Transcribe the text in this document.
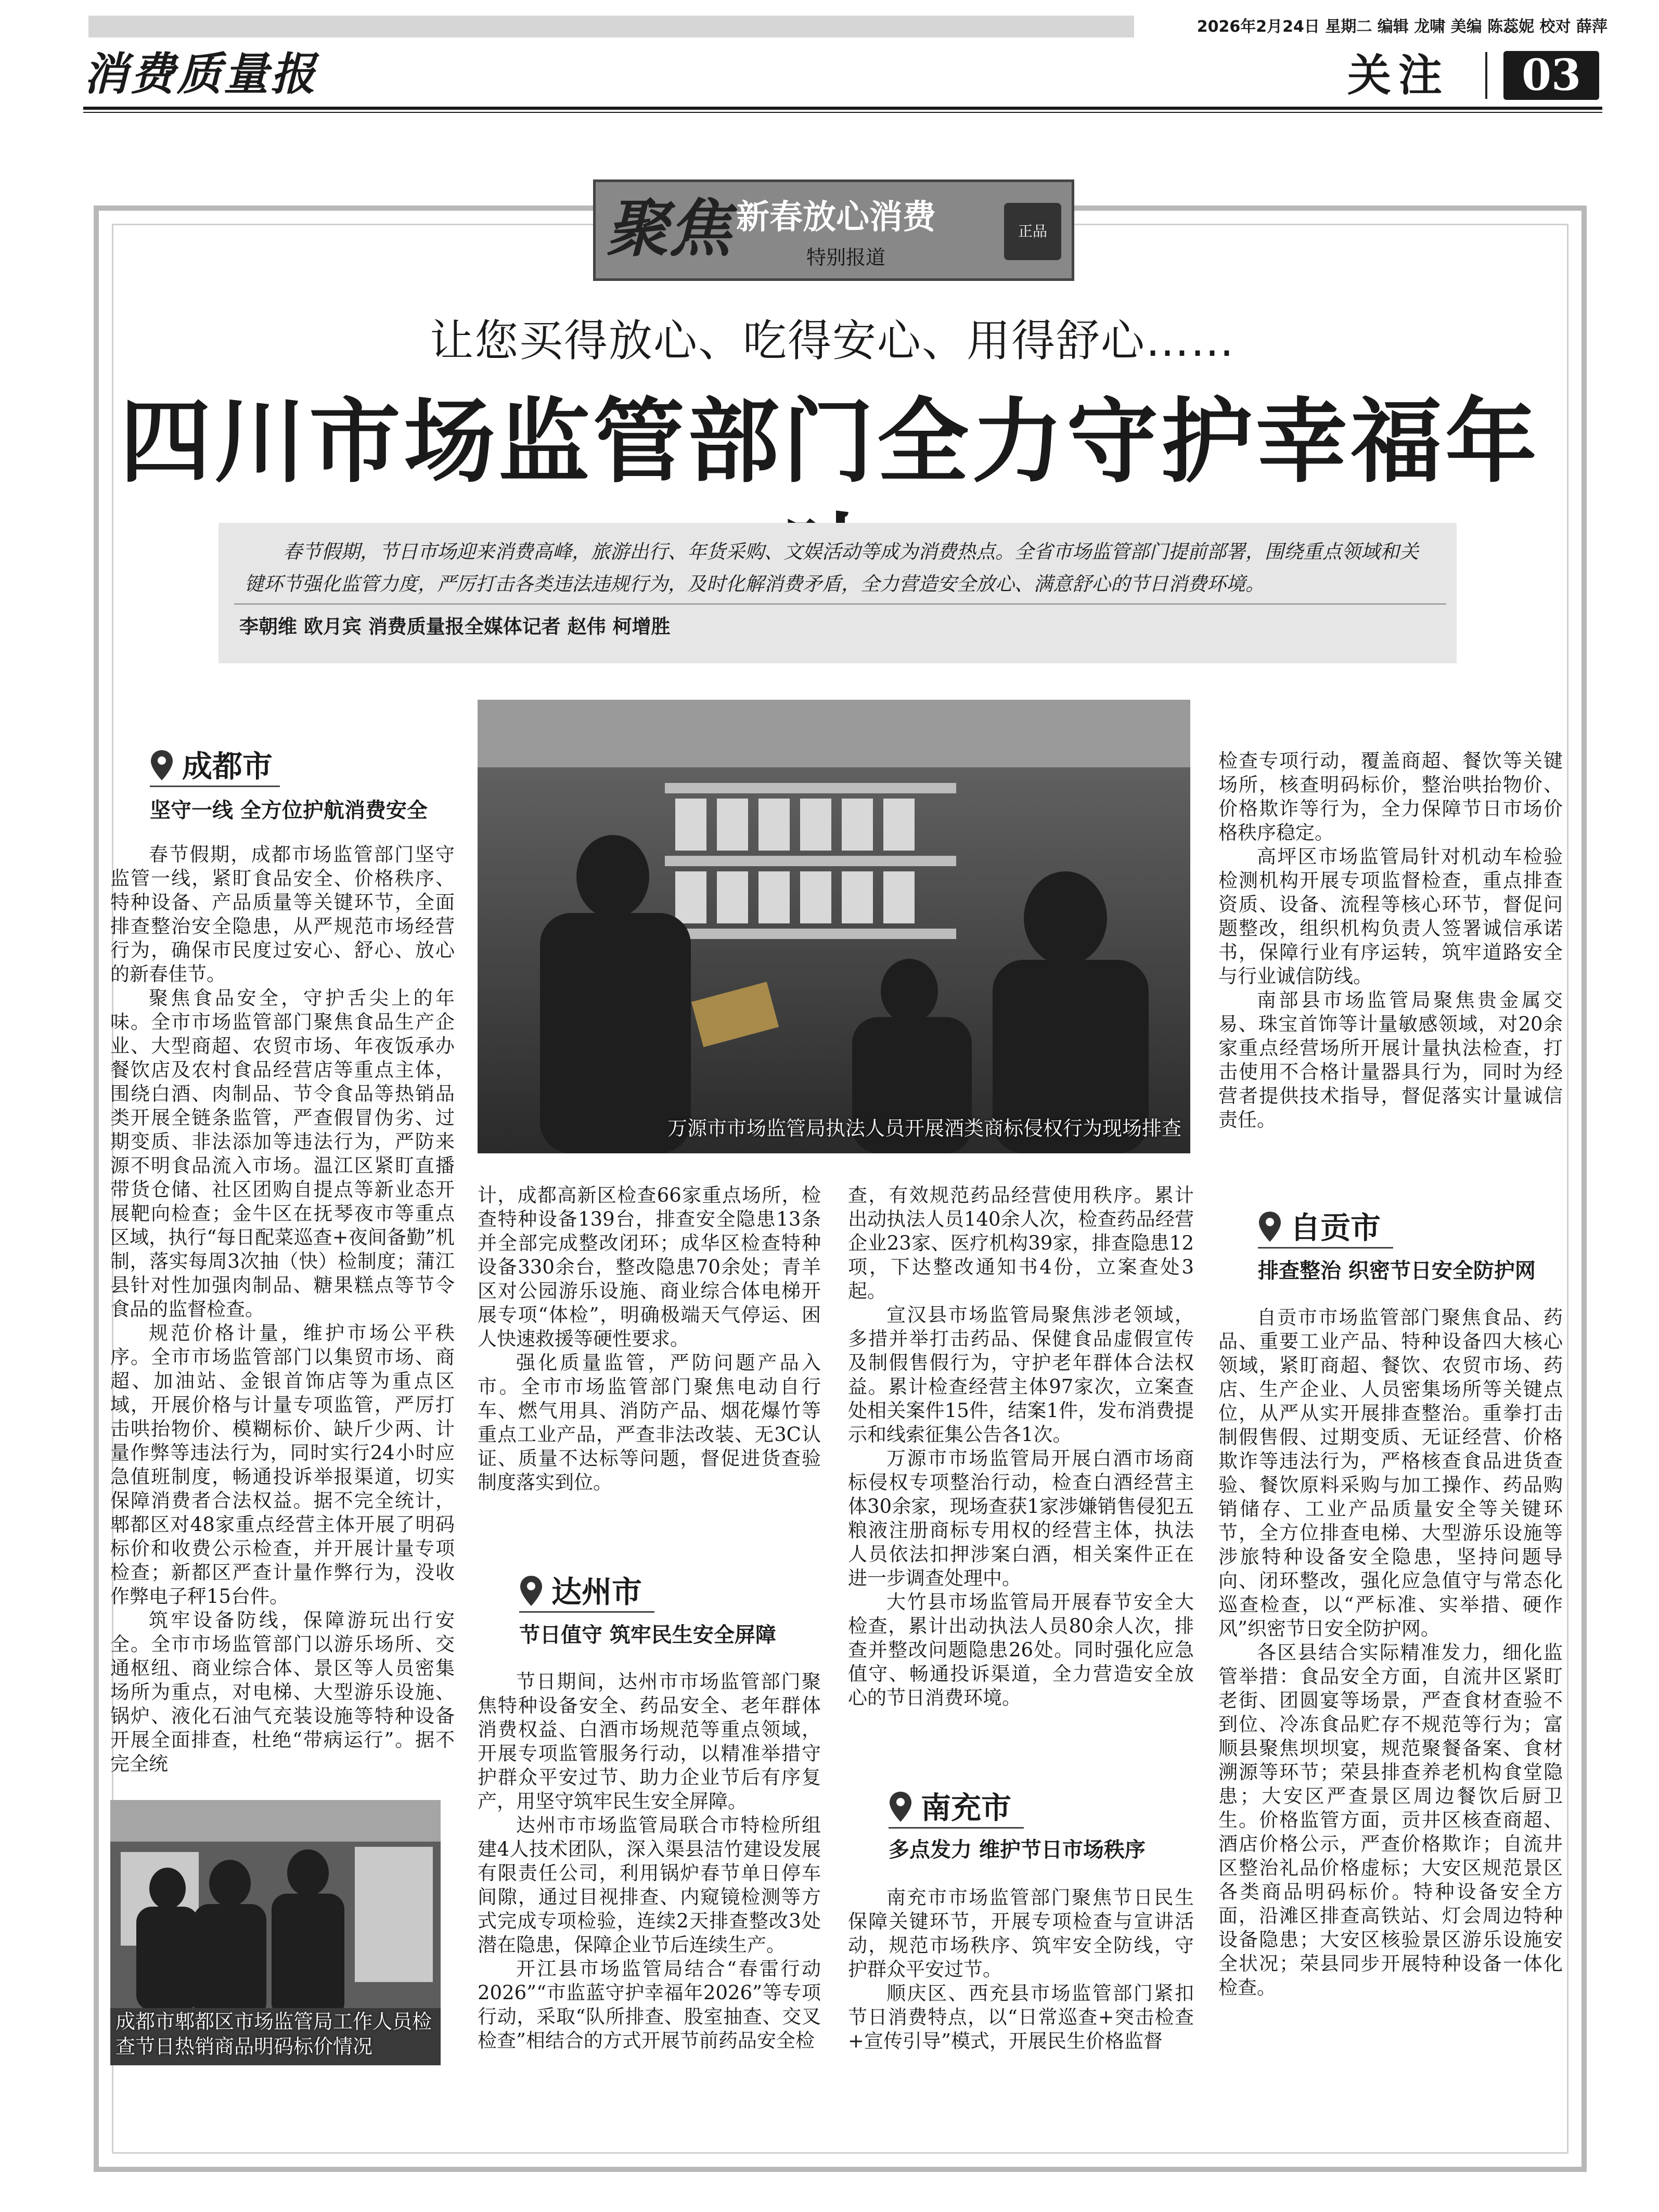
2026年2月24日 星期二 编辑 龙啸 美编 陈蕊妮 校对 薛萍
消费质量报	关注	03
聚焦 新春放心消费
特别报道
正品
让您买得放心、吃得安心、用得舒心……
四川市场监管部门全力守护幸福年
春节假期，节日市场迎来消费高峰，旅游出行、年货采购、文娱活动等成为消费热点。全省市场监管部门提前部署，围绕重点领域和关键环节强化监管力度，严厉打击各类违法违规行为，及时化解消费矛盾，全力营造安全放心、满意舒心的节日消费环境。
李朝维 欧月宾 消费质量报全媒体记者 赵伟 柯增胜
万源市市场监管局执法人员开展酒类商标侵权行为现场排查
成都市郫都区市场监管局工作人员检查节日热销商品明码标价情况
成都市
坚守一线 全方位护航消费安全

春节假期，成都市场监管部门坚守监管一线，紧盯食品安全、价格秩序、特种设备、产品质量等关键环节，全面排查整治安全隐患，从严规范市场经营行为，确保市民度过安心、舒心、放心的新春佳节。

聚焦食品安全，守护舌尖上的年味。全市市场监管部门聚焦食品生产企业、大型商超、农贸市场、年夜饭承办餐饮店及农村食品经营店等重点主体，围绕白酒、肉制品、节令食品等热销品类开展全链条监管，严查假冒伪劣、过期变质、非法添加等违法行为，严防来源不明食品流入市场。温江区紧盯直播带货仓储、社区团购自提点等新业态开展靶向检查；金牛区在抚琴夜市等重点区域，执行“每日配菜巡查+夜间备勤”机制，落实每周3次抽（快）检制度；蒲江县针对性加强肉制品、糖果糕点等节令食品的监督检查。

规范价格计量，维护市场公平秩序。全市市场监管部门以集贸市场、商超、加油站、金银首饰店等为重点区域，开展价格与计量专项监管，严厉打击哄抬物价、模糊标价、缺斤少两、计量作弊等违法行为，同时实行24小时应急值班制度，畅通投诉举报渠道，切实保障消费者合法权益。据不完全统计，郫都区对48家重点经营主体开展了明码标价和收费公示检查，并开展计量专项检查；新都区严查计量作弊行为，没收作弊电子秤15台件。

筑牢设备防线，保障游玩出行安全。全市市场监管部门以游乐场所、交通枢纽、商业综合体、景区等人员密集场所为重点，对电梯、大型游乐设施、锅炉、液化石油气充装设施等特种设备开展全面排查，杜绝“带病运行”。据不完全统

计，成都高新区检查66家重点场所，检查特种设备139台，排查安全隐患13条并全部完成整改闭环；成华区检查特种设备330余台，整改隐患70余处；青羊区对公园游乐设施、商业综合体电梯开展专项“体检”，明确极端天气停运、困人快速救援等硬性要求。

强化质量监管，严防问题产品入市。全市市场监管部门聚焦电动自行车、燃气用具、消防产品、烟花爆竹等重点工业产品，严查非法改装、无3C认证、质量不达标等问题，督促进货查验制度落实到位。

达州市
节日值守 筑牢民生安全屏障

节日期间，达州市市场监管部门聚焦特种设备安全、药品安全、老年群体消费权益、白酒市场规范等重点领域，开展专项监管服务行动，以精准举措守护群众平安过节、助力企业节后有序复产，用坚守筑牢民生安全屏障。

达州市市场监管局联合市特检所组建4人技术团队，深入渠县洁竹建设发展有限责任公司，利用锅炉春节单日停车间隙，通过目视排查、内窥镜检测等方式完成专项检验，连续2天排查整改3处潜在隐患，保障企业节后连续生产。

开江县市场监管局结合“春雷行动2026”“市监蓝守护幸福年2026”等专项行动，采取“队所排查、股室抽查、交叉检查”相结合的方式开展节前药品安全检

查，有效规范药品经营使用秩序。累计出动执法人员140余人次，检查药品经营企业23家、医疗机构39家，排查隐患12项，下达整改通知书4份，立案查处3起。

宣汉县市场监管局聚焦涉老领域，多措并举打击药品、保健食品虚假宣传及制假售假行为，守护老年群体合法权益。累计检查经营主体97家次，立案查处相关案件15件，结案1件，发布消费提示和线索征集公告各1次。

万源市市场监管局开展白酒市场商标侵权专项整治行动，检查白酒经营主体30余家，现场查获1家涉嫌销售侵犯五粮液注册商标专用权的经营主体，执法人员依法扣押涉案白酒，相关案件正在进一步调查处理中。

大竹县市场监管局开展春节安全大检查，累计出动执法人员80余人次，排查并整改问题隐患26处。同时强化应急值守、畅通投诉渠道，全力营造安全放心的节日消费环境。

南充市
多点发力 维护节日市场秩序

南充市市场监管部门聚焦节日民生保障关键环节，开展专项检查与宣讲活动，规范市场秩序、筑牢安全防线，守护群众平安过节。

顺庆区、西充县市场监管部门紧扣节日消费特点，以“日常巡查+突击检查+宣传引导”模式，开展民生价格监督

检查专项行动，覆盖商超、餐饮等关键场所，核查明码标价，整治哄抬物价、价格欺诈等行为，全力保障节日市场价格秩序稳定。

高坪区市场监管局针对机动车检验检测机构开展专项监督检查，重点排查资质、设备、流程等核心环节，督促问题整改，组织机构负责人签署诚信承诺书，保障行业有序运转，筑牢道路安全与行业诚信防线。

南部县市场监管局聚焦贵金属交易、珠宝首饰等计量敏感领域，对20余家重点经营场所开展计量执法检查，打击使用不合格计量器具行为，同时为经营者提供技术指导，督促落实计量诚信责任。

自贡市
排查整治 织密节日安全防护网

自贡市市场监管部门聚焦食品、药品、重要工业产品、特种设备四大核心领域，紧盯商超、餐饮、农贸市场、药店、生产企业、人员密集场所等关键点位，从严从实开展排查整治。重拳打击制假售假、过期变质、无证经营、价格欺诈等违法行为，严格核查食品进货查验、餐饮原料采购与加工操作、药品购销储存、工业产品质量安全等关键环节，全方位排查电梯、大型游乐设施等涉旅特种设备安全隐患，坚持问题导向、闭环整改，强化应急值守与常态化巡查检查，以“严标准、实举措、硬作风”织密节日安全防护网。

各区县结合实际精准发力，细化监管举措：食品安全方面，自流井区紧盯老街、团圆宴等场景，严查食材查验不到位、冷冻食品贮存不规范等行为；富顺县聚焦坝坝宴，规范聚餐备案、食材溯源等环节；荣县排查养老机构食堂隐患；大安区严查景区周边餐饮后厨卫生。价格监管方面，贡井区核查商超、酒店价格公示，严查价格欺诈；自流井区整治礼品价格虚标；大安区规范景区各类商品明码标价。特种设备安全方面，沿滩区排查高铁站、灯会周边特种设备隐患；大安区核验景区游乐设施安全状况；荣县同步开展特种设备一体化检查。
